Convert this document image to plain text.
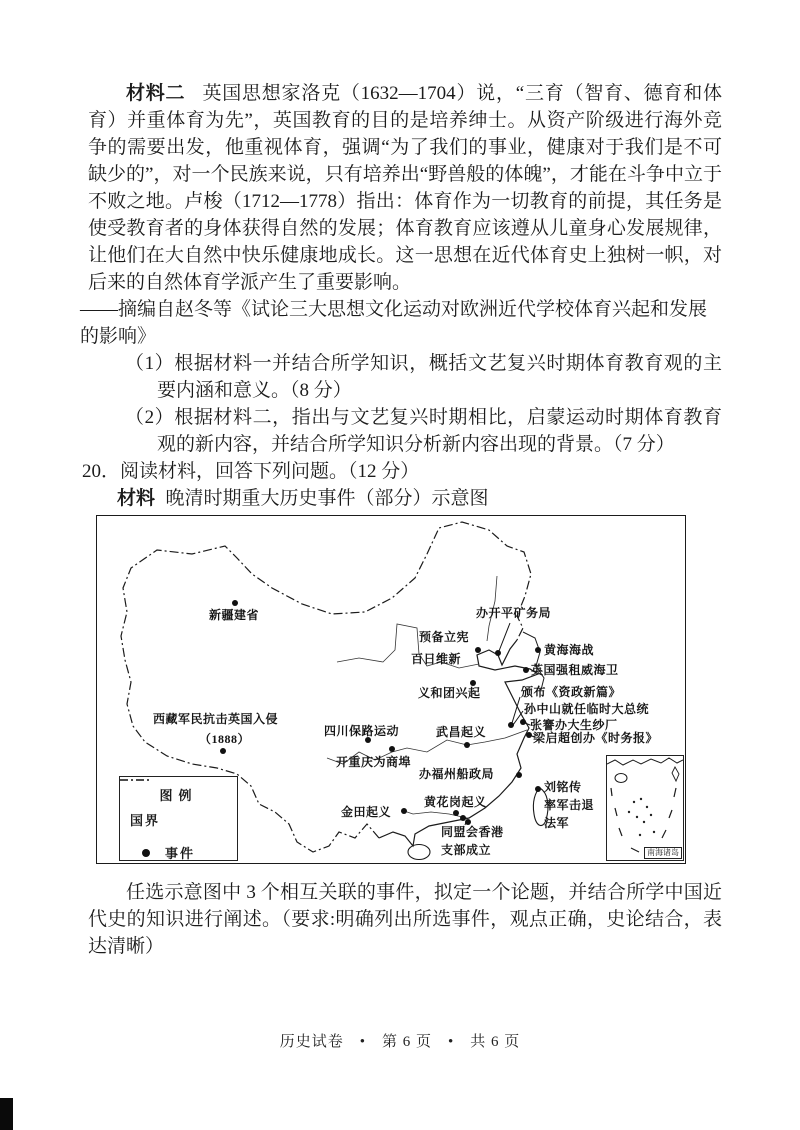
材料二 英国思想家洛克（1632—1704）说，“三育（智育、德育和体育）并重体育为先”，英国教育的目的是培养绅士。从资产阶级进行海外竞争的需要出发，他重视体育，强调“为了我们的事业，健康对于我们是不可缺少的”，对一个民族来说，只有培养出“野兽般的体魄”，才能在斗争中立于不败之地。卢梭（1712—1778）指出：体育作为一切教育的前提，其任务是使受教育者的身体获得自然的发展；体育教育应该遵从儿童身心发展规律，让他们在大自然中快乐健康地成长。这一思想在近代体育史上独树一帜，对后来的自然体育学派产生了重要影响。

——摘编自赵冬等《试论三大思想文化运动对欧洲近代学校体育兴起和发展的影响》

（1）根据材料一并结合所学知识，概括文艺复兴时期体育教育观的主要内涵和意义。（8 分）

（2）根据材料二，指出与文艺复兴时期相比，启蒙运动时期体育教育观的新内容，并结合所学知识分析新内容出现的背景。（7 分）

20．阅读材料，回答下列问题。（12 分）

材料 晚清时期重大历史事件（部分）示意图

新疆建省	办开平矿务局
预备立宪
百日维新
黄海海战
英国强租威海卫
义和团兴起	颁布《资政新篇》
孙中山就任临时大总统
张謇办大生纱厂
梁启超创办《时务报》
西藏军民抗击英国入侵
（1888）
四川保路运动
开重庆为商埠
武昌起义
办福州船政局
刘铭传
率军击退
法军
金田起义
黄花岗起义
同盟会香港
支部成立
图例
国界
事件	南海诸岛

任选示意图中 3 个相互关联的事件，拟定一个论题，并结合所学中国近代史的知识进行阐述。（要求:明确列出所选事件，观点正确，史论结合，表达清晰）

历史试卷　•　第 6 页　•　共 6 页
